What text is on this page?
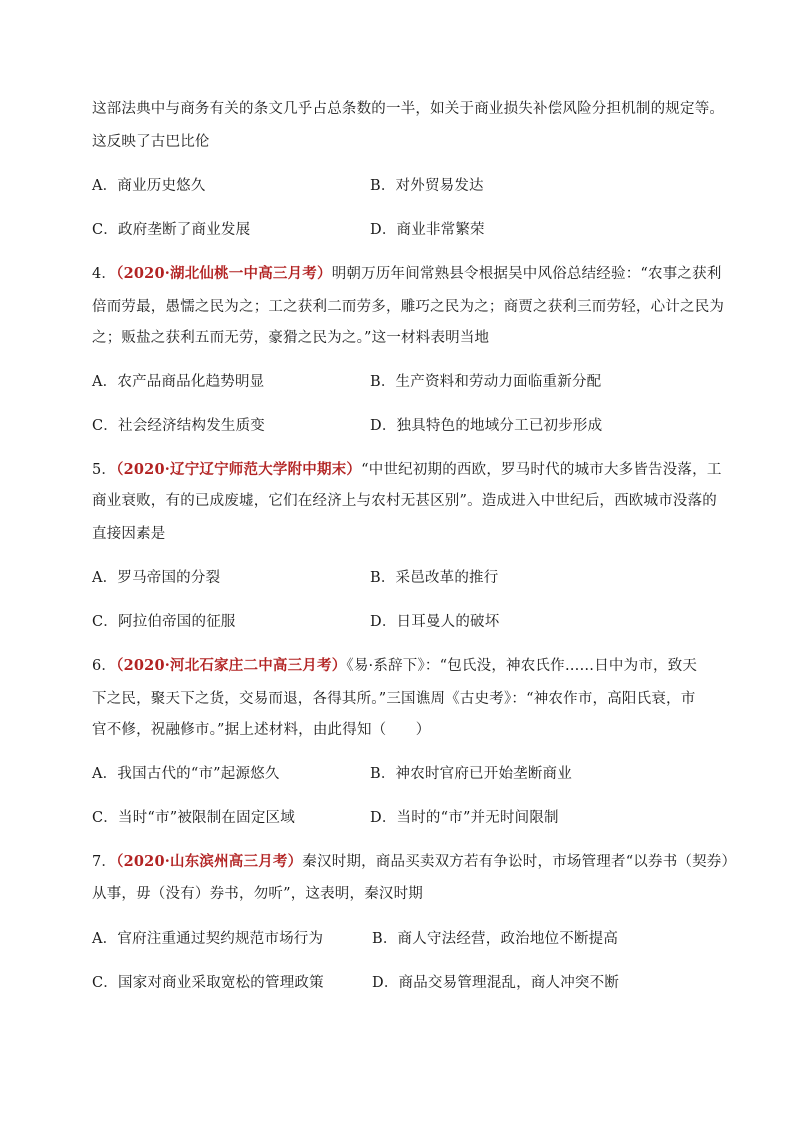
这部法典中与商务有关的条文几乎占总条数的一半，如关于商业损失补偿风险分担机制的规定等。
这反映了古巴比伦
A．商业历史悠久	B．对外贸易发达
C．政府垄断了商业发展	D．商业非常繁荣
4．（2020·湖北仙桃一中高三月考）明朝万历年间常熟县令根据吴中风俗总结经验：“农事之获利
倍而劳最，愚懦之民为之；工之获利二而劳多，雕巧之民为之；商贾之获利三而劳轻，心计之民为
之；贩盐之获利五而无劳，豪猾之民为之。”这一材料表明当地
A．农产品商品化趋势明显	B．生产资料和劳动力面临重新分配
C．社会经济结构发生质变	D．独具特色的地域分工已初步形成
5．（2020·辽宁辽宁师范大学附中期末）“中世纪初期的西欧，罗马时代的城市大多皆告没落，工
商业衰败，有的已成废墟，它们在经济上与农村无甚区别”。造成进入中世纪后，西欧城市没落的
直接因素是
A．罗马帝国的分裂	B．采邑改革的推行
C．阿拉伯帝国的征服	D．日耳曼人的破坏
6．（2020·河北石家庄二中高三月考）《易·系辞下》：“包氏没，神农氏作……日中为市，致天
下之民，聚天下之货，交易而退，各得其所。”三国谯周《古史考》：“神农作市，高阳氏衰，市
官不修，祝融修市。”据上述材料，由此得知（　　）
A．我国古代的“市”起源悠久	B．神农时官府已开始垄断商业
C．当时“市”被限制在固定区域	D．当时的“市”并无时间限制
7．（2020·山东滨州高三月考）秦汉时期，商品买卖双方若有争讼时，市场管理者“以券书（契券）
从事，毋（没有）券书，勿听”，这表明，秦汉时期
A．官府注重通过契约规范市场行为	B．商人守法经营，政治地位不断提高
C．国家对商业采取宽松的管理政策	D．商品交易管理混乱，商人冲突不断
